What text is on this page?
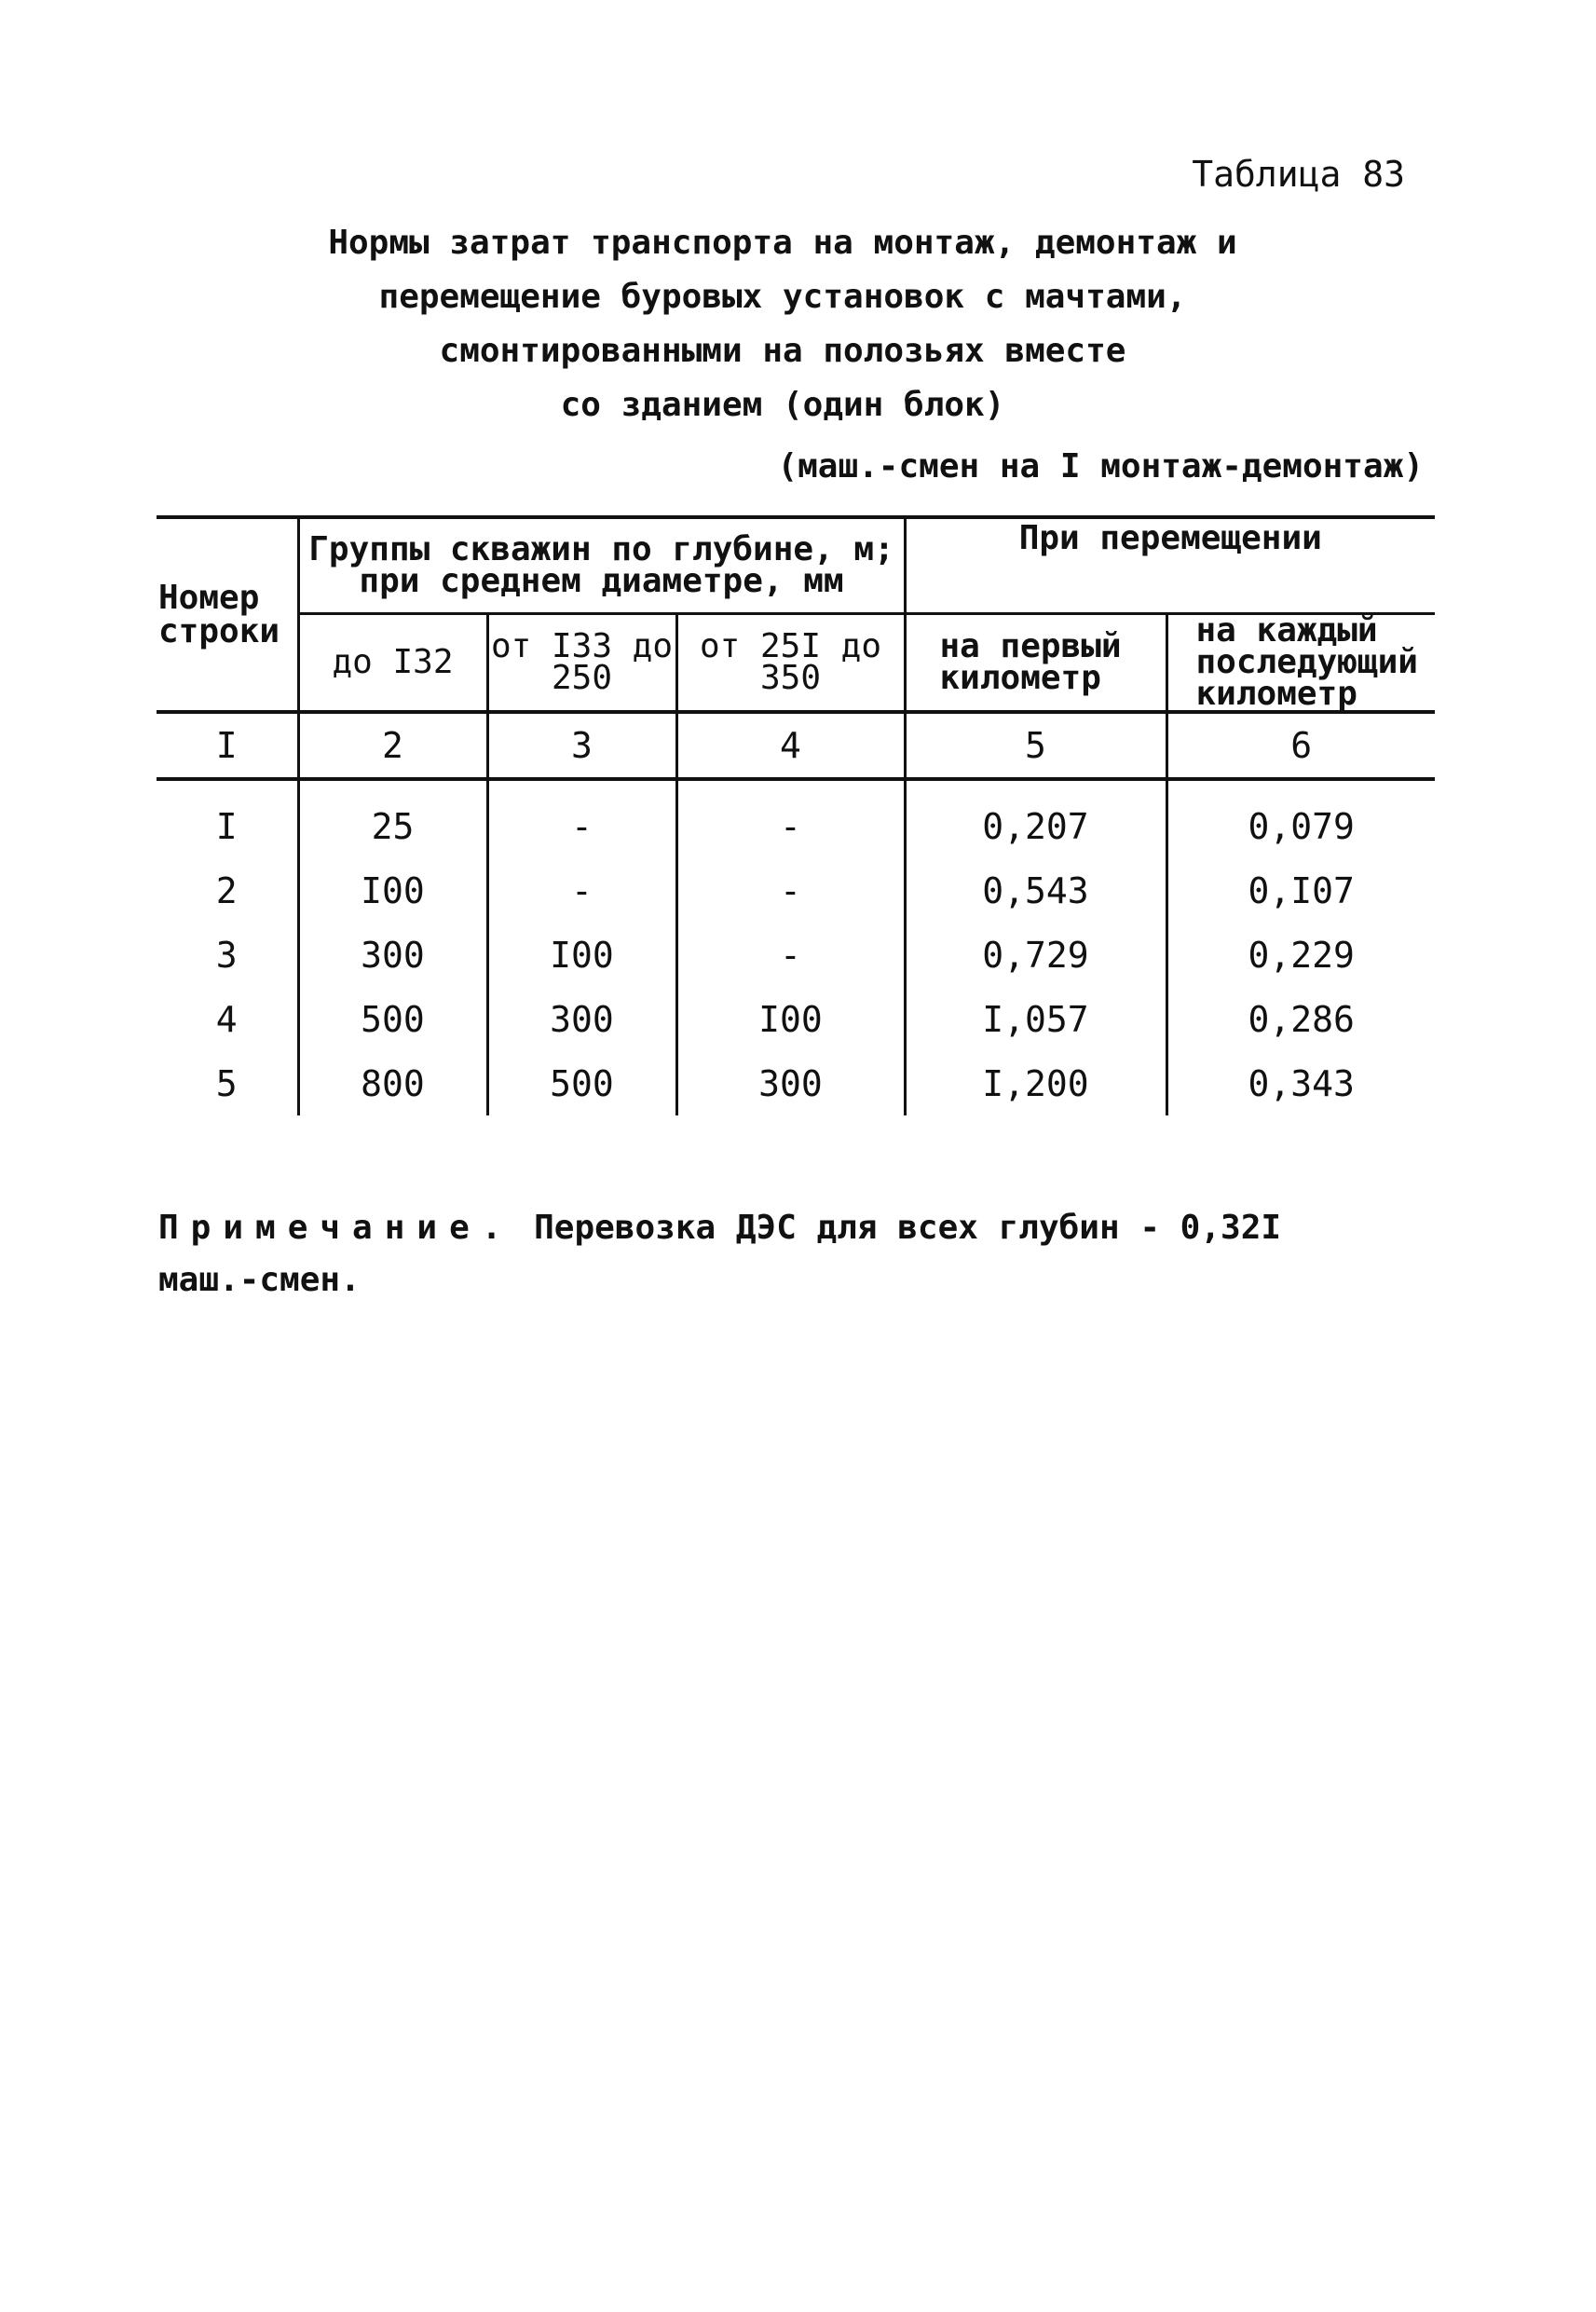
Таблица 83
Нормы затрат транспорта на монтаж, демонтаж и
перемещение буровых установок с мачтами,
смонтированными на полозьях вместе
со зданием (один блок)
(маш.-смен на I монтаж-демонтаж)
Номер строки	Группы скважин по глубине, м; при среднем диаметре, мм			При перемещении	
	до I32	от I33 до 250	от 25I до 350	на первый километр	на каждый последующий километр
I	2	3	4	5	6
I	25	-	-	0,207	0,079
2	I00	-	-	0,543	0,I07
3	300	I00	-	0,729	0,229
4	500	300	I00	I,057	0,286
5	800	500	300	I,200	0,343
Примечание. Перевозка ДЭС для всех глубин - 0,32I маш.-смен.
